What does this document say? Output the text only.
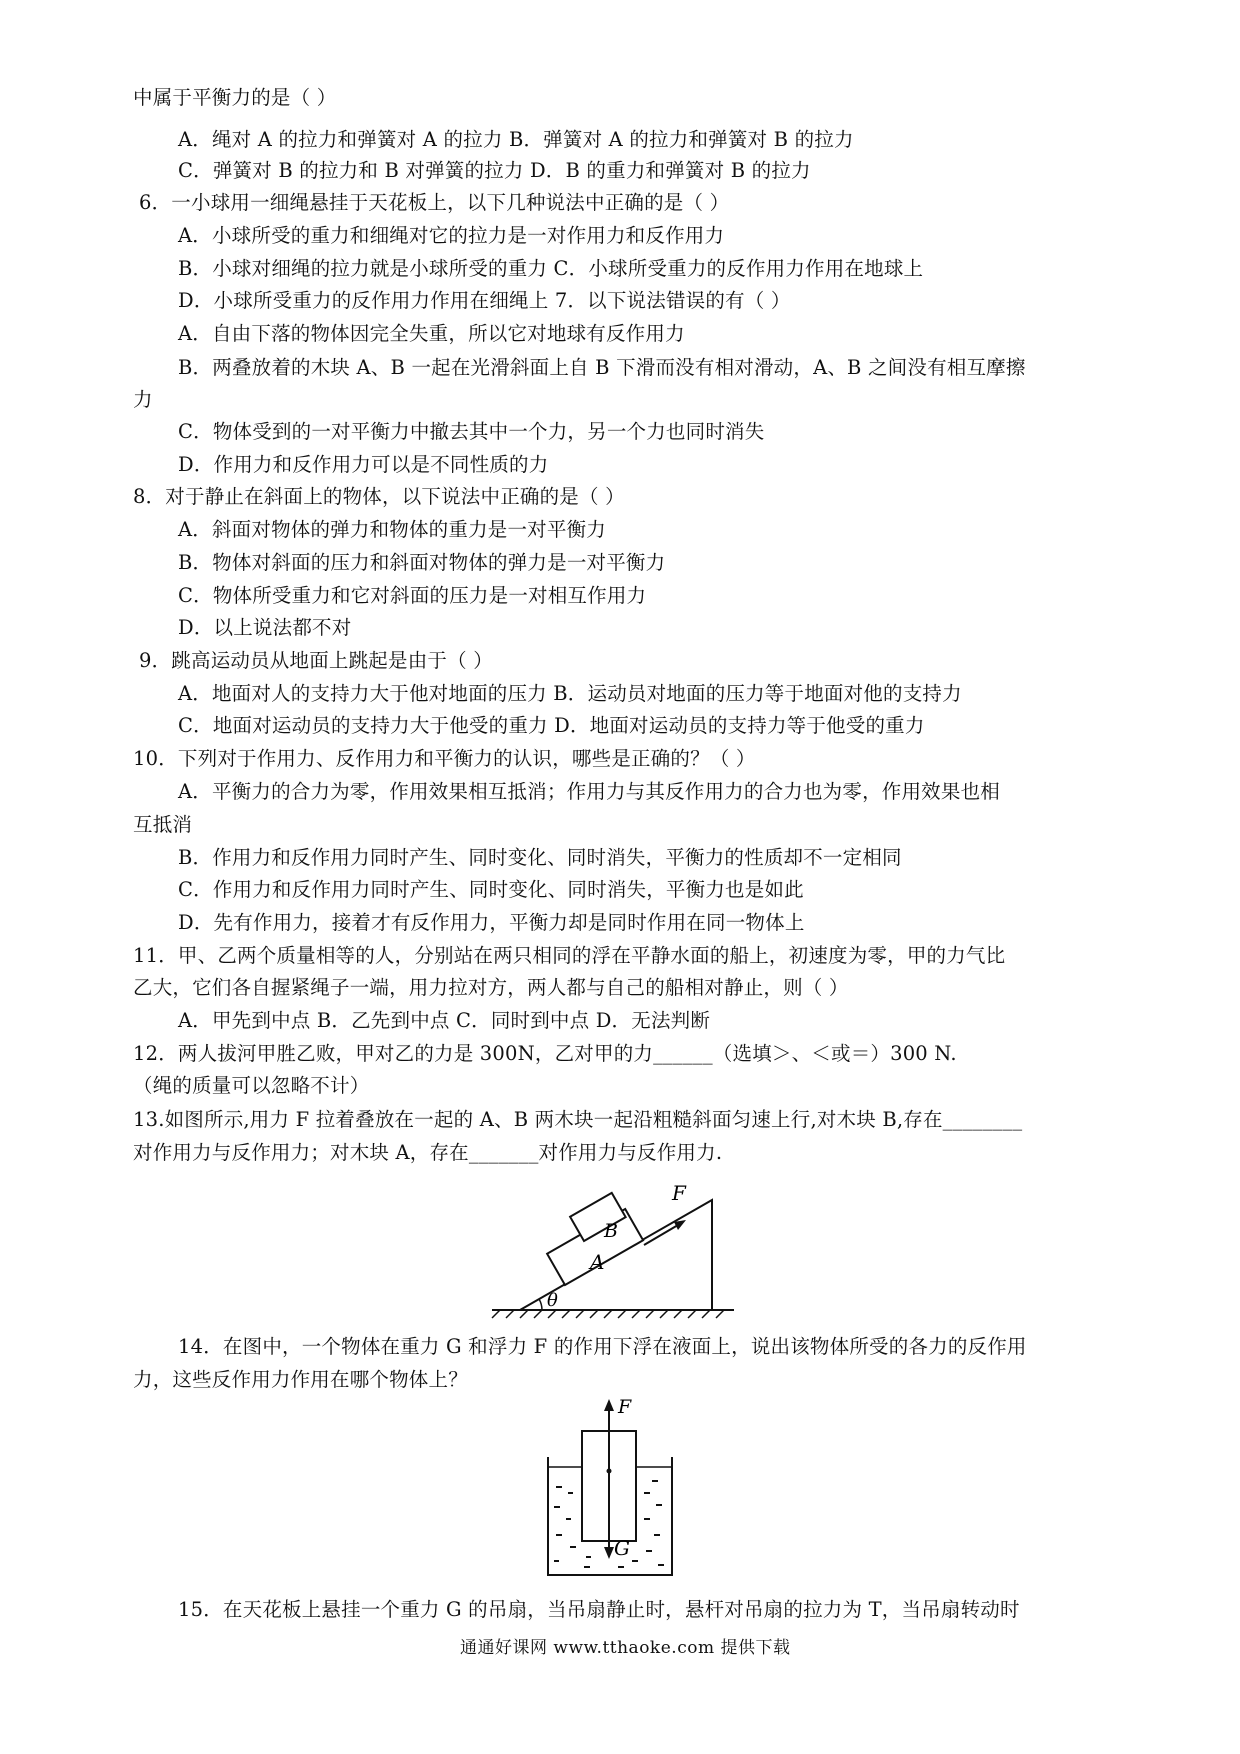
中属于平衡力的是（ ）
A．绳对 A 的拉力和弹簧对 A 的拉力 B．弹簧对 A 的拉力和弹簧对 B 的拉力
C．弹簧对 B 的拉力和 B 对弹簧的拉力 D．B 的重力和弹簧对 B 的拉力
6．一小球用一细绳悬挂于天花板上，以下几种说法中正确的是（ ）
A．小球所受的重力和细绳对它的拉力是一对作用力和反作用力
B．小球对细绳的拉力就是小球所受的重力 C．小球所受重力的反作用力作用在地球上
D．小球所受重力的反作用力作用在细绳上 7．以下说法错误的有（ ）
A．自由下落的物体因完全失重，所以它对地球有反作用力
B．两叠放着的木块 A、B 一起在光滑斜面上自 B 下滑而没有相对滑动，A、B 之间没有相互摩擦
力
C．物体受到的一对平衡力中撤去其中一个力，另一个力也同时消失
D．作用力和反作用力可以是不同性质的力
8．对于静止在斜面上的物体，以下说法中正确的是（ ）
A．斜面对物体的弹力和物体的重力是一对平衡力
B．物体对斜面的压力和斜面对物体的弹力是一对平衡力
C．物体所受重力和它对斜面的压力是一对相互作用力
D．以上说法都不对
9．跳高运动员从地面上跳起是由于（ ）
A．地面对人的支持力大于他对地面的压力 B．运动员对地面的压力等于地面对他的支持力
C．地面对运动员的支持力大于他受的重力 D．地面对运动员的支持力等于他受的重力
10．下列对于作用力、反作用力和平衡力的认识，哪些是正确的？（ ）
A．平衡力的合力为零，作用效果相互抵消；作用力与其反作用力的合力也为零，作用效果也相
互抵消
B．作用力和反作用力同时产生、同时变化、同时消失，平衡力的性质却不一定相同
C．作用力和反作用力同时产生、同时变化、同时消失，平衡力也是如此
D．先有作用力，接着才有反作用力，平衡力却是同时作用在同一物体上
11．甲、乙两个质量相等的人，分别站在两只相同的浮在平静水面的船上，初速度为零，甲的力气比
乙大，它们各自握紧绳子一端，用力拉对方，两人都与自己的船相对静止，则（ ）
A．甲先到中点 B．乙先到中点 C．同时到中点 D．无法判断
12．两人拔河甲胜乙败，甲对乙的力是 300N，乙对甲的力______（选填＞、＜或＝）300 N.
（绳的质量可以忽略不计）
13.如图所示,用力 F 拉着叠放在一起的 A、B 两木块一起沿粗糙斜面匀速上行,对木块 B,存在________
对作用力与反作用力；对木块 A，存在_______对作用力与反作用力.
θ
A
B
F
14．在图中，一个物体在重力 G 和浮力 F 的作用下浮在液面上，说出该物体所受的各力的反作用
力，这些反作用力作用在哪个物体上？
F
G
15．在天花板上悬挂一个重力 G 的吊扇，当吊扇静止时，悬杆对吊扇的拉力为 T，当吊扇转动时
通通好课网 www.tthaoke.com 提供下载
